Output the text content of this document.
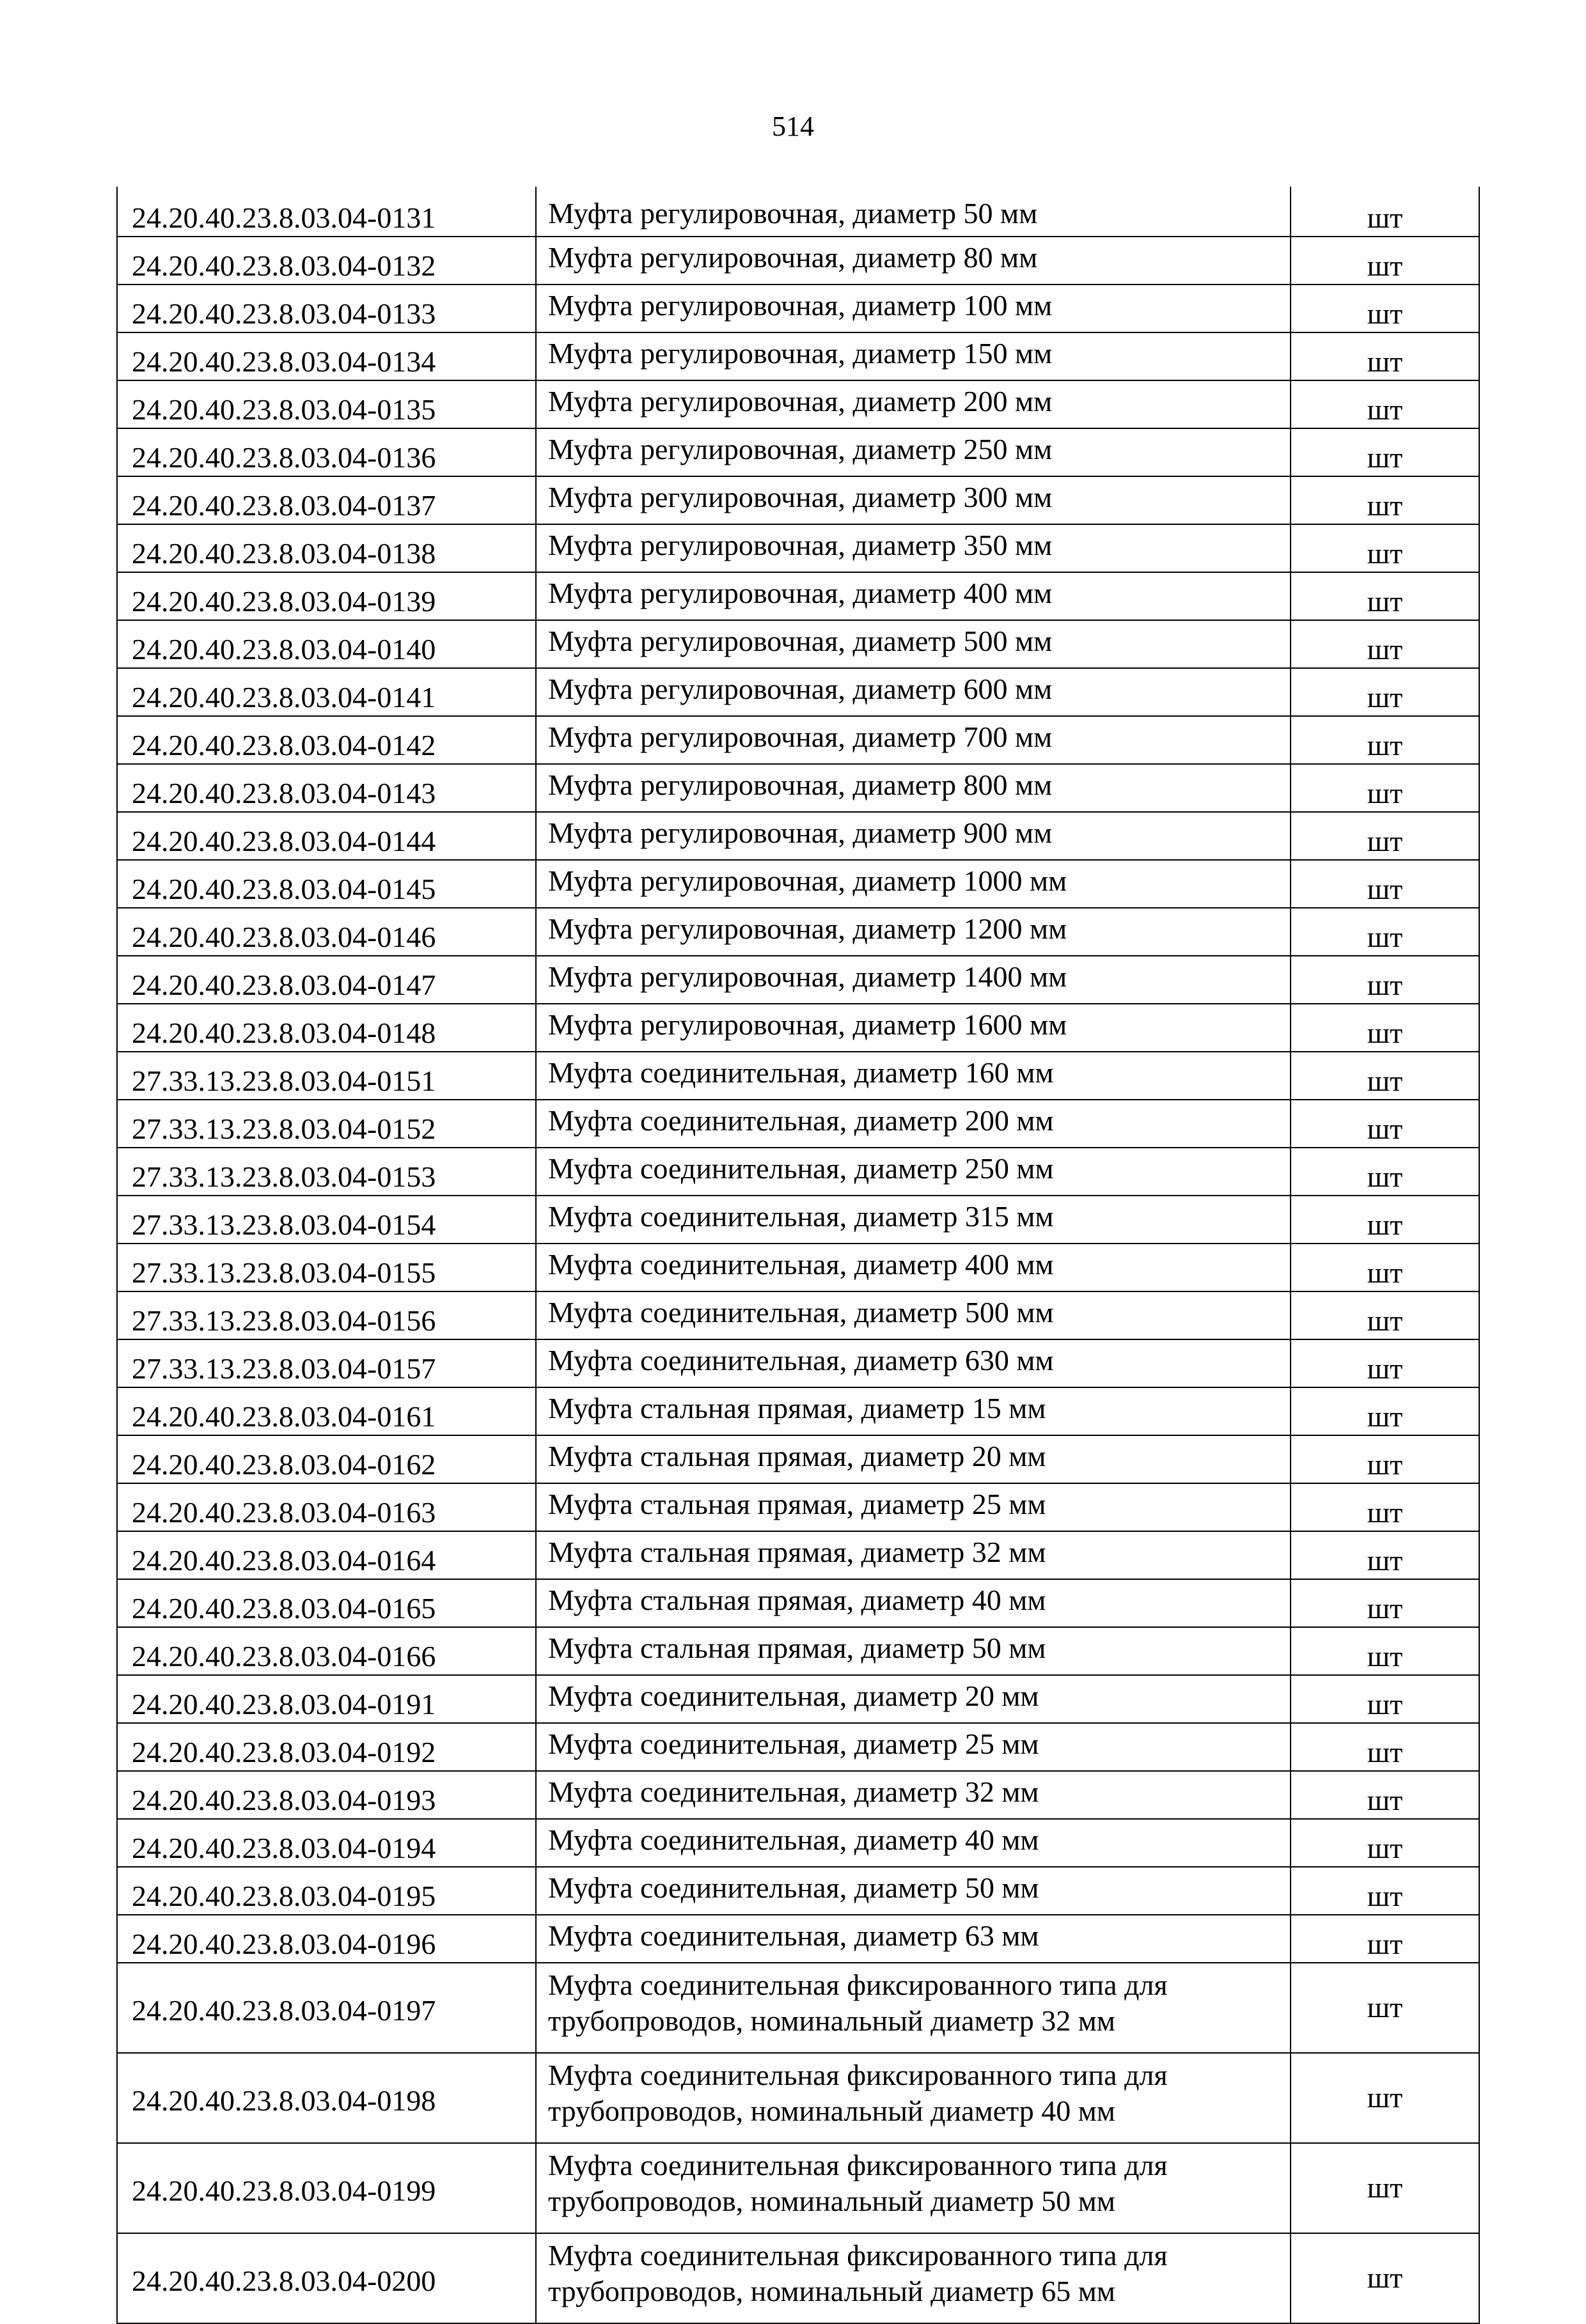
514
24.20.40.23.8.03.04-0131	Муфта регулировочная, диаметр 50 мм	шт
24.20.40.23.8.03.04-0132	Муфта регулировочная, диаметр 80 мм	шт
24.20.40.23.8.03.04-0133	Муфта регулировочная, диаметр 100 мм	шт
24.20.40.23.8.03.04-0134	Муфта регулировочная, диаметр 150 мм	шт
24.20.40.23.8.03.04-0135	Муфта регулировочная, диаметр 200 мм	шт
24.20.40.23.8.03.04-0136	Муфта регулировочная, диаметр 250 мм	шт
24.20.40.23.8.03.04-0137	Муфта регулировочная, диаметр 300 мм	шт
24.20.40.23.8.03.04-0138	Муфта регулировочная, диаметр 350 мм	шт
24.20.40.23.8.03.04-0139	Муфта регулировочная, диаметр 400 мм	шт
24.20.40.23.8.03.04-0140	Муфта регулировочная, диаметр 500 мм	шт
24.20.40.23.8.03.04-0141	Муфта регулировочная, диаметр 600 мм	шт
24.20.40.23.8.03.04-0142	Муфта регулировочная, диаметр 700 мм	шт
24.20.40.23.8.03.04-0143	Муфта регулировочная, диаметр 800 мм	шт
24.20.40.23.8.03.04-0144	Муфта регулировочная, диаметр 900 мм	шт
24.20.40.23.8.03.04-0145	Муфта регулировочная, диаметр 1000 мм	шт
24.20.40.23.8.03.04-0146	Муфта регулировочная, диаметр 1200 мм	шт
24.20.40.23.8.03.04-0147	Муфта регулировочная, диаметр 1400 мм	шт
24.20.40.23.8.03.04-0148	Муфта регулировочная, диаметр 1600 мм	шт
27.33.13.23.8.03.04-0151	Муфта соединительная, диаметр 160 мм	шт
27.33.13.23.8.03.04-0152	Муфта соединительная, диаметр 200 мм	шт
27.33.13.23.8.03.04-0153	Муфта соединительная, диаметр 250 мм	шт
27.33.13.23.8.03.04-0154	Муфта соединительная, диаметр 315 мм	шт
27.33.13.23.8.03.04-0155	Муфта соединительная, диаметр 400 мм	шт
27.33.13.23.8.03.04-0156	Муфта соединительная, диаметр 500 мм	шт
27.33.13.23.8.03.04-0157	Муфта соединительная, диаметр 630 мм	шт
24.20.40.23.8.03.04-0161	Муфта стальная прямая, диаметр 15 мм	шт
24.20.40.23.8.03.04-0162	Муфта стальная прямая, диаметр 20 мм	шт
24.20.40.23.8.03.04-0163	Муфта стальная прямая, диаметр 25 мм	шт
24.20.40.23.8.03.04-0164	Муфта стальная прямая, диаметр 32 мм	шт
24.20.40.23.8.03.04-0165	Муфта стальная прямая, диаметр 40 мм	шт
24.20.40.23.8.03.04-0166	Муфта стальная прямая, диаметр 50 мм	шт
24.20.40.23.8.03.04-0191	Муфта соединительная, диаметр 20 мм	шт
24.20.40.23.8.03.04-0192	Муфта соединительная, диаметр 25 мм	шт
24.20.40.23.8.03.04-0193	Муфта соединительная, диаметр 32 мм	шт
24.20.40.23.8.03.04-0194	Муфта соединительная, диаметр 40 мм	шт
24.20.40.23.8.03.04-0195	Муфта соединительная, диаметр 50 мм	шт
24.20.40.23.8.03.04-0196	Муфта соединительная, диаметр 63 мм	шт
24.20.40.23.8.03.04-0197	Муфта соединительная фиксированного типа для трубопроводов, номинальный диаметр 32 мм	шт
24.20.40.23.8.03.04-0198	Муфта соединительная фиксированного типа для трубопроводов, номинальный диаметр 40 мм	шт
24.20.40.23.8.03.04-0199	Муфта соединительная фиксированного типа для трубопроводов, номинальный диаметр 50 мм	шт
24.20.40.23.8.03.04-0200	Муфта соединительная фиксированного типа для трубопроводов, номинальный диаметр 65 мм	шт
